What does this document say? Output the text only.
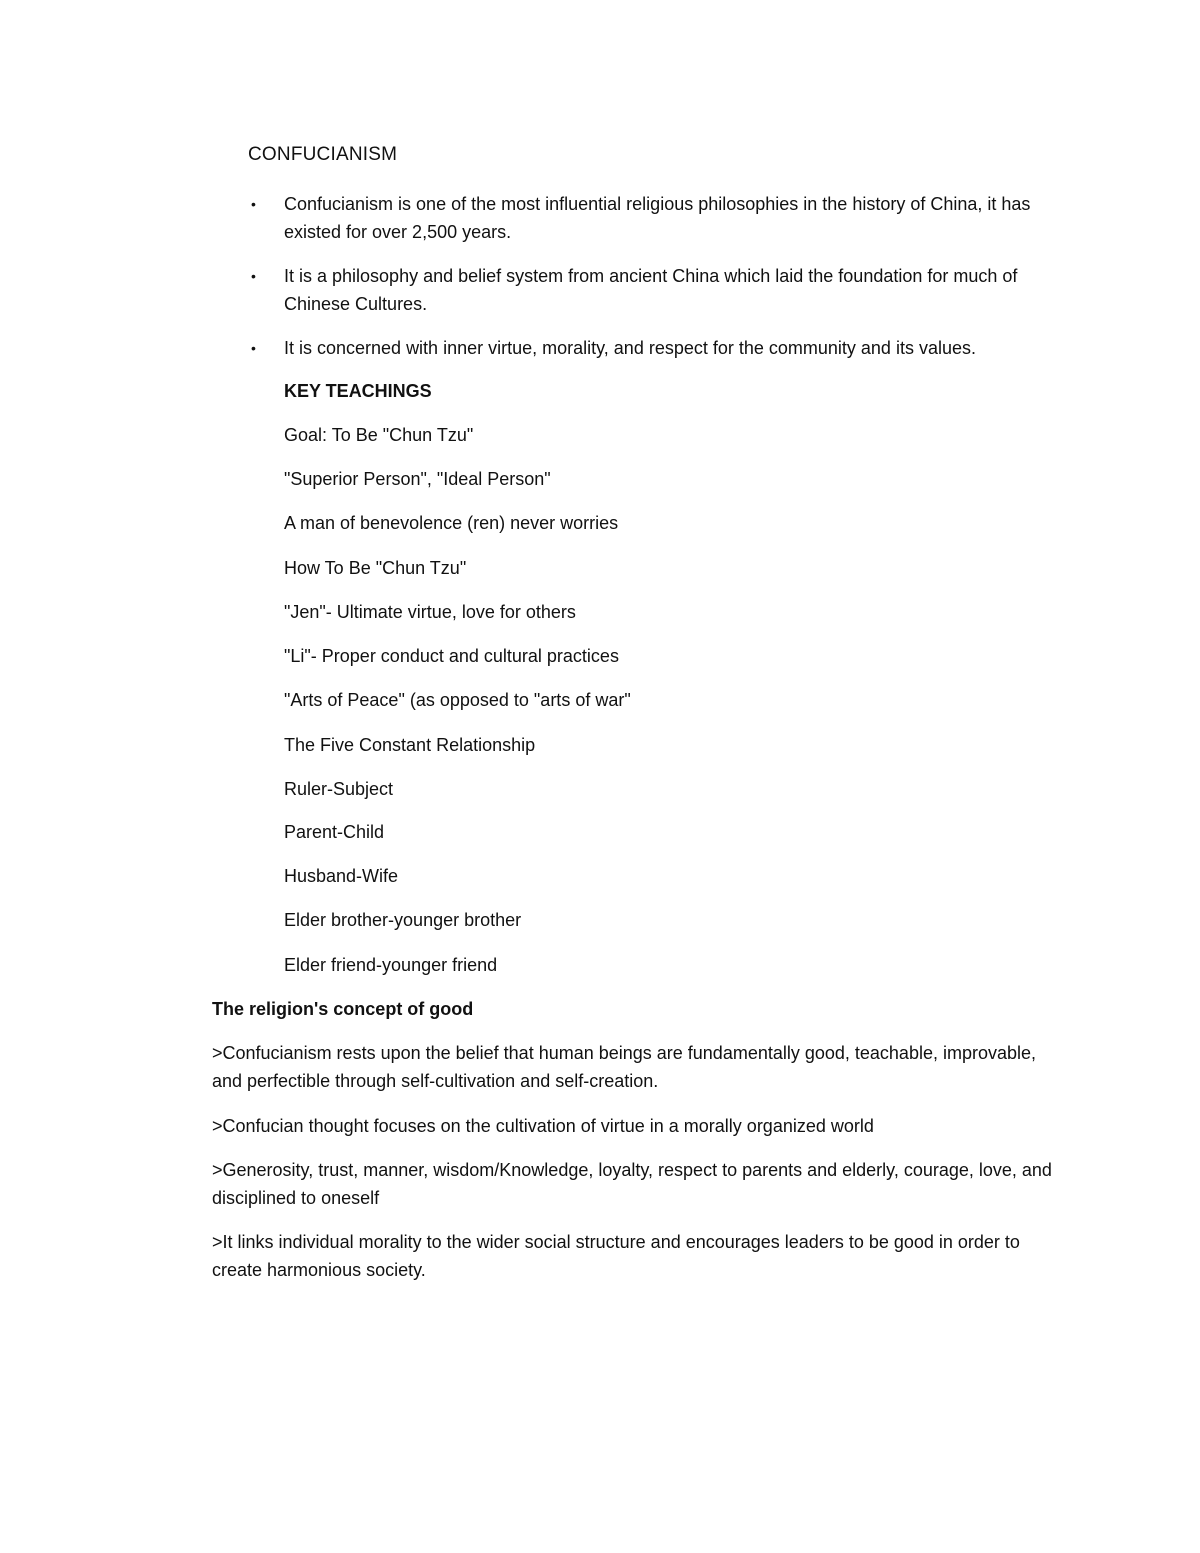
CONFUCIANISM
• Confucianism is one of the most influential religious philosophies in the history of China, it has existed for over 2,500 years.
• It is a philosophy and belief system from ancient China which laid the foundation for much of Chinese Cultures.
• It is concerned with inner virtue, morality, and respect for the community and its values.
KEY TEACHINGS
Goal: To Be "Chun Tzu"
"Superior Person", "Ideal Person"
A man of benevolence (ren) never worries
How To Be "Chun Tzu"
"Jen"- Ultimate virtue, love for others
"Li"- Proper conduct and cultural practices
"Arts of Peace" (as opposed to "arts of war"
The Five Constant Relationship
Ruler-Subject
Parent-Child
Husband-Wife
Elder brother-younger brother
Elder friend-younger friend
The religion's concept of good
>Confucianism rests upon the belief that human beings are fundamentally good, teachable, improvable, and perfectible through self-cultivation and self-creation.
>Confucian thought focuses on the cultivation of virtue in a morally organized world
>Generosity, trust, manner, wisdom/Knowledge, loyalty, respect to parents and elderly, courage, love, and disciplined to oneself
>It links individual morality to the wider social structure and encourages leaders to be good in order to create harmonious society.
